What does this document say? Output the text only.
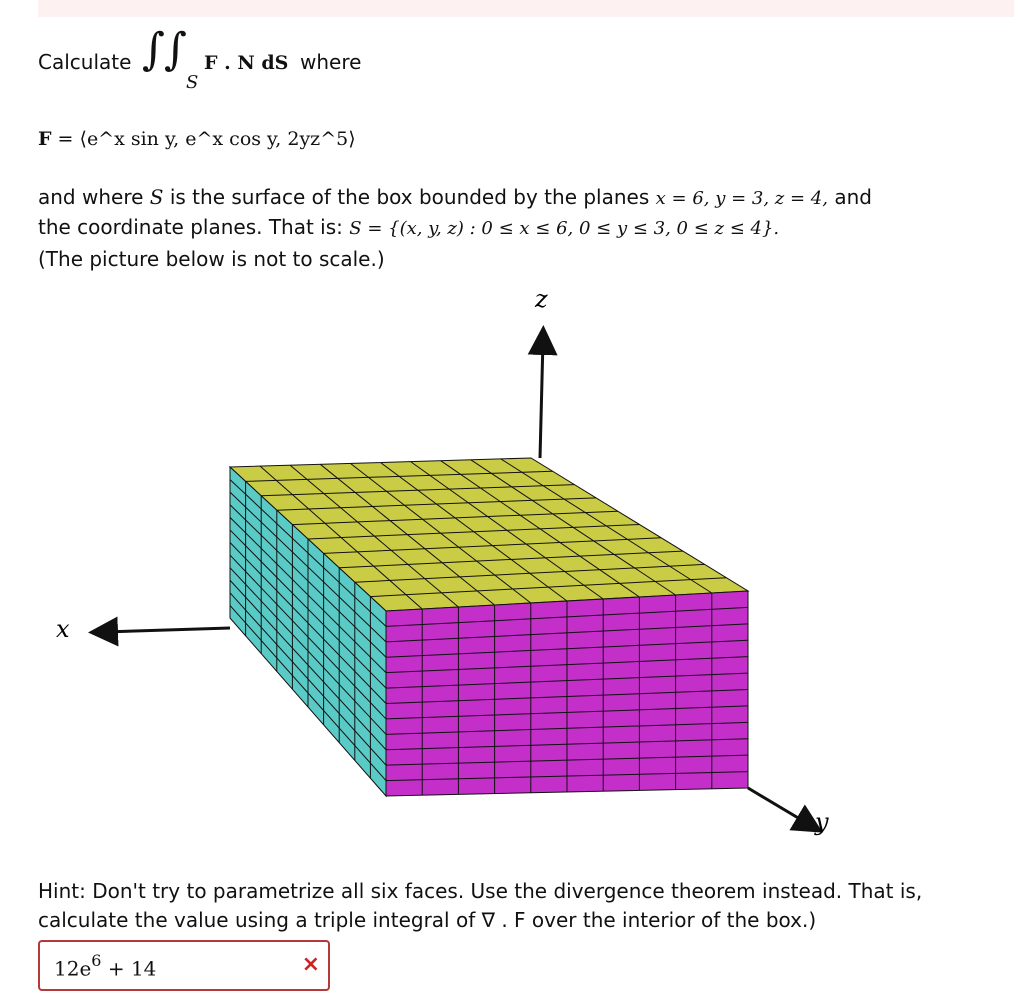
Calculate ∫ ∫
S
F . N dS where
F = ⟨e^x sin y, e^x cos y, 2yz^5⟩
and where S is the surface of the box bounded by the planes x = 6, y = 3, z = 4, and
the coordinate planes. That is: S = {(x, y, z) : 0 ≤ x ≤ 6, 0 ≤ y ≤ 3, 0 ≤ z ≤ 4}.
(The picture below is not to scale.)
z
x
y
Hint: Don't try to parametrize all six faces. Use the divergence theorem instead. That is, calculate the value using a triple integral of ∇ . F over the interior of the box.)
$12e^6 + 14$	×
